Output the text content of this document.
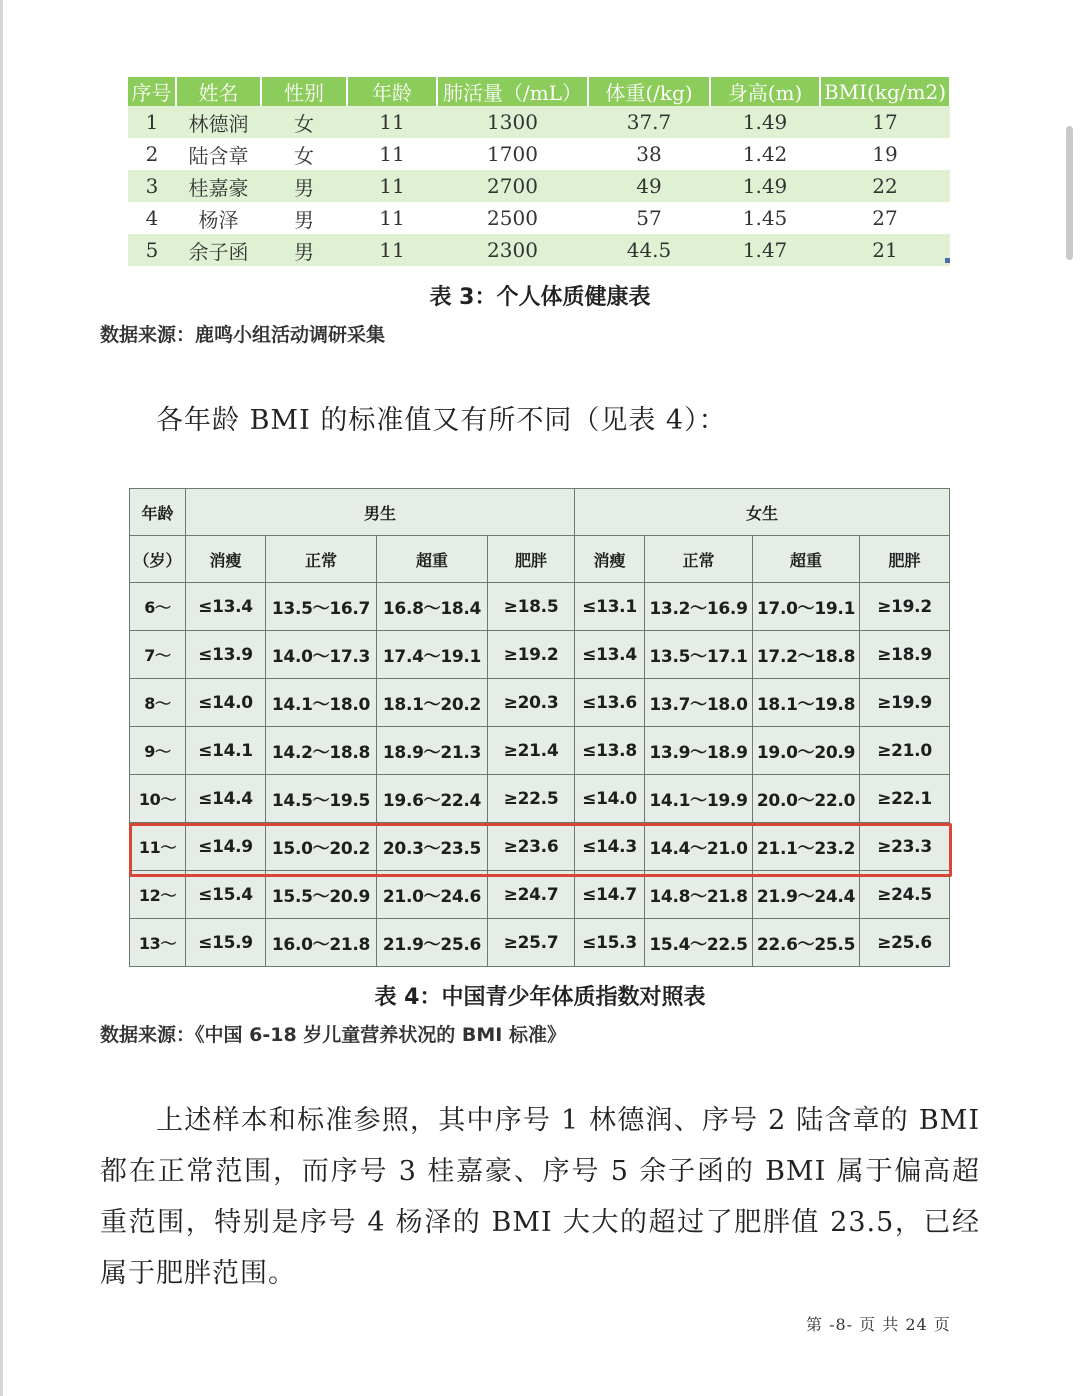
序号	姓名	性别	年龄	肺活量（/mL）	体重(/kg)	身高(m)	BMI(kg/m2)
1	林德润	女	11	1300	37.7	1.49	17
2	陆含章	女	11	1700	38	1.42	19
3	桂嘉豪	男	11	2700	49	1.49	22
4	杨泽	男	11	2500	57	1.45	27
5	余子函	男	11	2300	44.5	1.47	21
表 3：个人体质健康表
数据来源：鹿鸣小组活动调研采集
各年龄 BMI 的标准值又有所不同（见表 4）：
年龄	男生				女生			
（岁）	消瘦	正常	超重	肥胖	消瘦	正常	超重	肥胖
6～	≤13.4	13.5～16.7	16.8～18.4	≥18.5	≤13.1	13.2～16.9	17.0～19.1	≥19.2
7～	≤13.9	14.0～17.3	17.4～19.1	≥19.2	≤13.4	13.5～17.1	17.2～18.8	≥18.9
8～	≤14.0	14.1～18.0	18.1～20.2	≥20.3	≤13.6	13.7～18.0	18.1～19.8	≥19.9
9～	≤14.1	14.2～18.8	18.9～21.3	≥21.4	≤13.8	13.9～18.9	19.0～20.9	≥21.0
10～	≤14.4	14.5～19.5	19.6～22.4	≥22.5	≤14.0	14.1～19.9	20.0～22.0	≥22.1
11～	≤14.9	15.0～20.2	20.3～23.5	≥23.6	≤14.3	14.4～21.0	21.1～23.2	≥23.3
12～	≤15.4	15.5～20.9	21.0～24.6	≥24.7	≤14.7	14.8～21.8	21.9～24.4	≥24.5
13～	≤15.9	16.0～21.8	21.9～25.6	≥25.7	≤15.3	15.4～22.5	22.6～25.5	≥25.6
表 4：中国青少年体质指数对照表
数据来源：《中国 6-18 岁儿童营养状况的 BMI 标准》
上述样本和标准参照，其中序号 1 林德润、序号 2 陆含章的 BMI 都在正常范围，而序号 3 桂嘉豪、序号 5 余子函的 BMI 属于偏高超重范围，特别是序号 4 杨泽的 BMI 大大的超过了肥胖值 23.5，已经属于肥胖范围。
第 -8- 页 共 24 页
